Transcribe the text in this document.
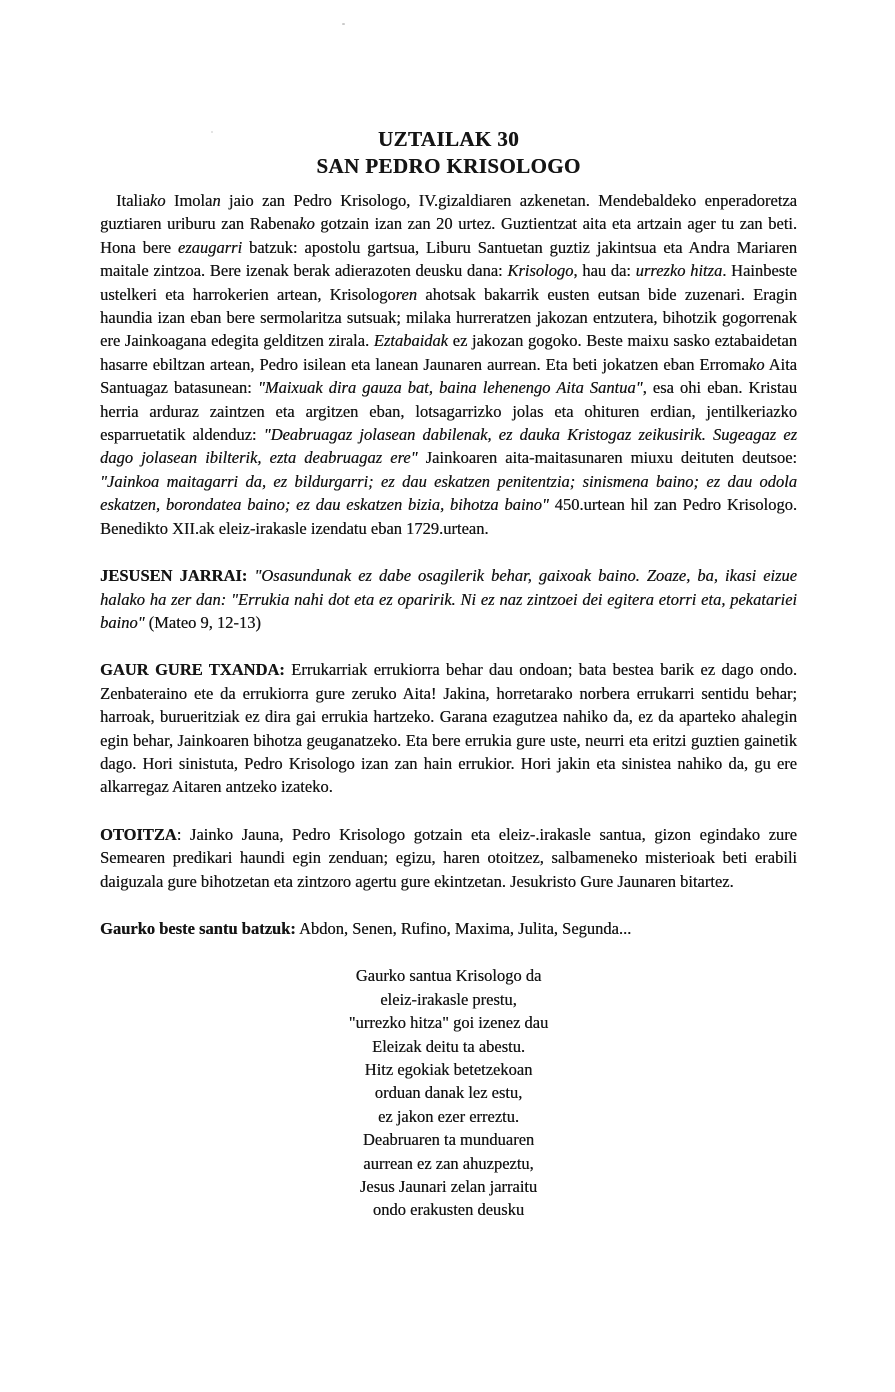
UZTAILAK 30
SAN PEDRO KRISOLOGO

Italiako Imolan jaio zan Pedro Krisologo, IV.gizaldiaren azkenetan. Mendebaldeko enperadoretza guztiaren uriburu zan Rabenako gotzain izan zan 20 urtez. Guztientzat aita eta artzain ager tu zan beti. Hona bere ezaugarri batzuk: apostolu gartsua, Liburu Santuetan guztiz jakintsua eta Andra Mariaren maitale zintzoa. Bere izenak berak adierazoten deusku dana: Krisologo, hau da: urrezko hitza. Hainbeste ustelkeri eta harrokerien artean, Krisologoren ahotsak bakarrik eusten eutsan bide zuzenari. Eragin haundia izan eban bere sermolaritza sutsuak; milaka hurreratzen jakozan entzutera, bihotzik gogorrenak ere Jainkoagana edegita gelditzen zirala. Eztabaidak ez jakozan gogoko. Beste maixu sasko eztabaidetan hasarre ebiltzan artean, Pedro isilean eta lanean Jaunaren aurrean. Eta beti jokatzen eban Erromako Aita Santuagaz batasunean: "Maixuak dira gauza bat, baina lehenengo Aita Santua", esa ohi eban. Kristau herria arduraz zaintzen eta argitzen eban, lotsagarrizko jolas eta ohituren erdian, jentilkeriazko esparruetatik aldenduz: "Deabruagaz jolasean dabilenak, ez dauka Kristogaz zeikusirik. Sugeagaz ez dago jolasean ibilterik, ezta deabruagaz ere" Jainkoaren aita-maitasunaren miuxu deituten deutsoe: "Jainkoa maitagarri da, ez bildurgarri; ez dau eskatzen penitentzia; sinismena baino; ez dau odola eskatzen, borondatea baino; ez dau eskatzen bizia, bihotza baino" 450.urtean hil zan Pedro Krisologo. Benedikto XII.ak eleiz-irakasle izendatu eban 1729.urtean.

JESUSEN JARRAI: "Osasundunak ez dabe osagilerik behar, gaixoak baino. Zoaze, ba, ikasi eizue halako ha zer dan: "Errukia nahi dot eta ez oparirik. Ni ez naz zintzoei dei egitera etorri eta, pekatariei baino" (Mateo 9, 12-13)

GAUR GURE TXANDA: Errukarriak errukiorra behar dau ondoan; bata bestea barik ez dago ondo. Zenbateraino ete da errukiorra gure zeruko Aita! Jakina, horretarako norbera errukarri sentidu behar; harroak, burueritziak ez dira gai errukia hartzeko. Garana ezagutzea nahiko da, ez da aparteko ahalegin egin behar, Jainkoaren bihotza geuganatzeko. Eta bere errukia gure uste, neurri eta eritzi guztien gainetik dago. Hori sinistuta, Pedro Krisologo izan zan hain errukior. Hori jakin eta sinistea nahiko da, gu ere alkarregaz Aitaren antzeko izateko.

OTOITZA: Jainko Jauna, Pedro Krisologo gotzain eta eleiz-.irakasle santua, gizon egindako zure Semearen predikari haundi egin zenduan; egizu, haren otoitzez, salbameneko misterioak beti erabili daiguzala gure bihotzetan eta zintzoro agertu gure ekintzetan. Jesukristo Gure Jaunaren bitartez.

Gaurko beste santu batzuk: Abdon, Senen, Rufino, Maxima, Julita, Segunda...

Gaurko santua Krisologo da
eleiz-irakasle prestu,
"urrezko hitza" goi izenez dau
Eleizak deitu ta abestu.
Hitz egokiak betetzekoan
orduan danak lez estu,
ez jakon ezer erreztu.
Deabruaren ta munduaren
aurrean ez zan ahuzpeztu,
Jesus Jaunari zelan jarraitu
ondo erakusten deusku
